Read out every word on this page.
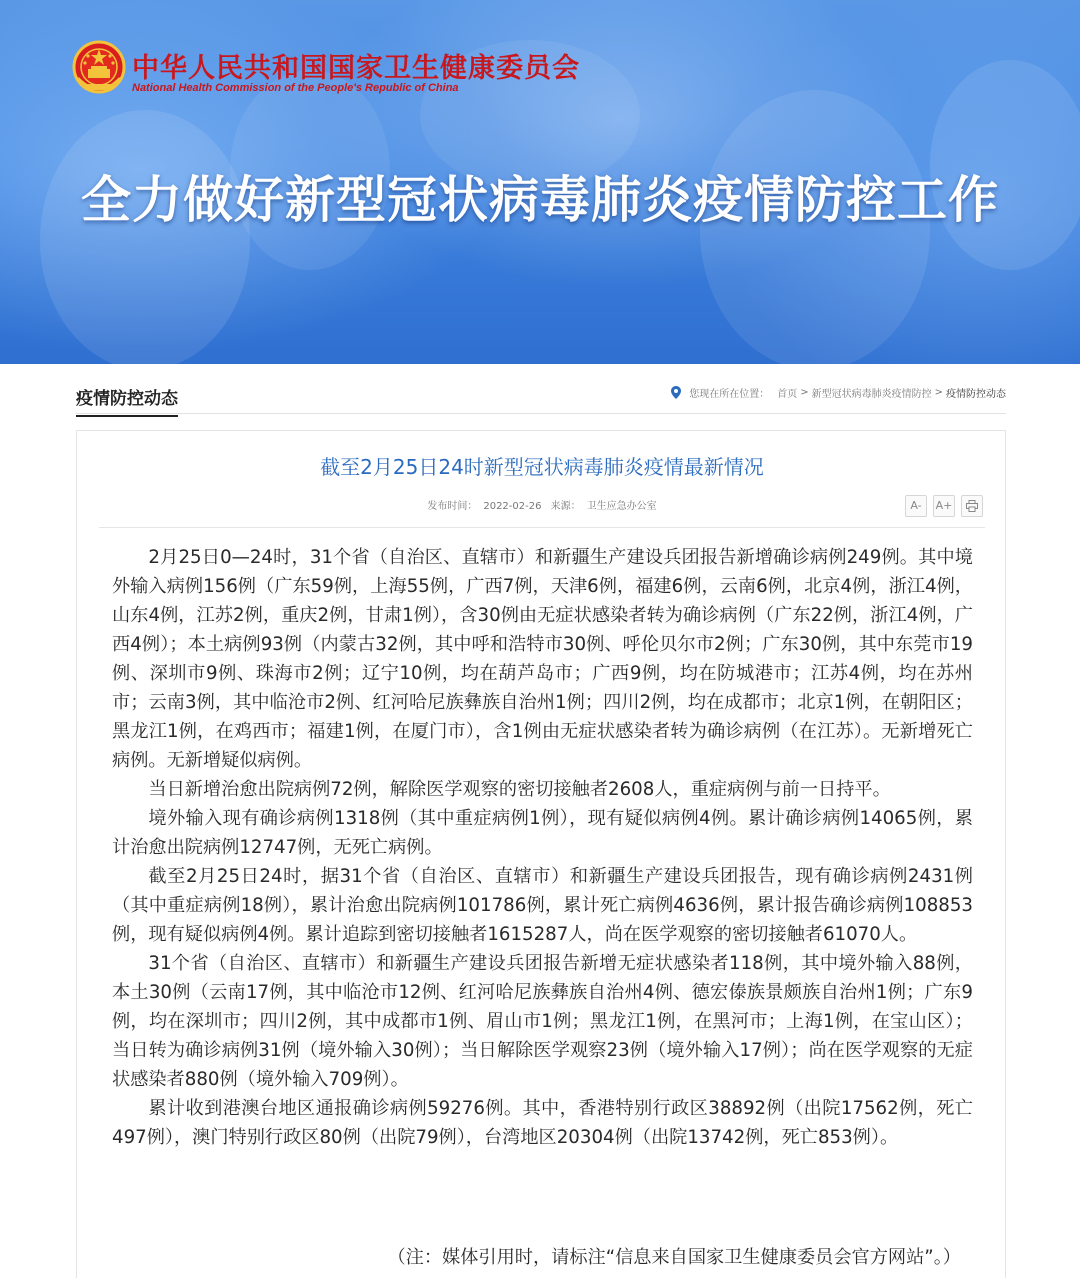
中华人民共和国国家卫生健康委员会
National Health Commission of the People's Republic of China
全力做好新型冠状病毒肺炎疫情防控工作
疫情防控动态	您现在所在位置： 首页 > 新型冠状病毒肺炎疫情防控 > 疫情防控动态
截至2月25日24时新型冠状病毒肺炎疫情最新情况
发布时间： 2022-02-26 来源： 卫生应急办公室	A-	A+

2月25日0—24时，31个省（自治区、直辖市）和新疆生产建设兵团报告新增确诊病例249例。其中境外输入病例156例（广东59例，上海55例，广西7例，天津6例，福建6例，云南6例，北京4例，浙江4例，山东4例，江苏2例，重庆2例，甘肃1例），含30例由无症状感染者转为确诊病例（广东22例，浙江4例，广西4例）；本土病例93例（内蒙古32例，其中呼和浩特市30例、呼伦贝尔市2例；广东30例，其中东莞市19例、深圳市9例、珠海市2例；辽宁10例，均在葫芦岛市；广西9例，均在防城港市；江苏4例，均在苏州市；云南3例，其中临沧市2例、红河哈尼族彝族自治州1例；四川2例，均在成都市；北京1例，在朝阳区；黑龙江1例，在鸡西市；福建1例，在厦门市），含1例由无症状感染者转为确诊病例（在江苏）。无新增死亡病例。无新增疑似病例。

当日新增治愈出院病例72例，解除医学观察的密切接触者2608人，重症病例与前一日持平。

境外输入现有确诊病例1318例（其中重症病例1例），现有疑似病例4例。累计确诊病例14065例，累计治愈出院病例12747例，无死亡病例。

截至2月25日24时，据31个省（自治区、直辖市）和新疆生产建设兵团报告，现有确诊病例2431例（其中重症病例18例），累计治愈出院病例101786例，累计死亡病例4636例，累计报告确诊病例108853例，现有疑似病例4例。累计追踪到密切接触者1615287人，尚在医学观察的密切接触者61070人。

31个省（自治区、直辖市）和新疆生产建设兵团报告新增无症状感染者118例，其中境外输入88例，本土30例（云南17例，其中临沧市12例、红河哈尼族彝族自治州4例、德宏傣族景颇族自治州1例；广东9例，均在深圳市；四川2例，其中成都市1例、眉山市1例；黑龙江1例，在黑河市；上海1例，在宝山区）；当日转为确诊病例31例（境外输入30例）；当日解除医学观察23例（境外输入17例）；尚在医学观察的无症状感染者880例（境外输入709例）。

累计收到港澳台地区通报确诊病例59276例。其中，香港特别行政区38892例（出院17562例，死亡497例），澳门特别行政区80例（出院79例），台湾地区20304例（出院13742例，死亡853例）。

（注：媒体引用时，请标注“信息来自国家卫生健康委员会官方网站”。）
